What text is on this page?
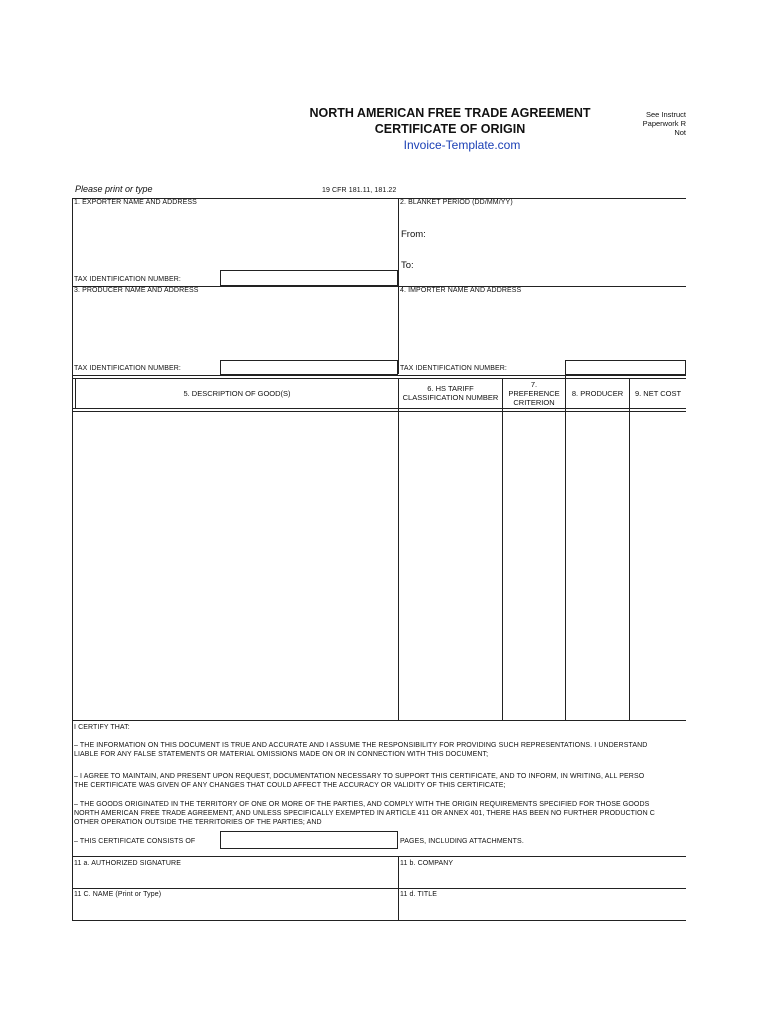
NORTH AMERICAN FREE TRADE AGREEMENT
CERTIFICATE OF ORIGIN
Invoice-Template.com
See Instruct
Paperwork R
Not
Please print or type	19 CFR 181.11, 181.22
1. EXPORTER NAME AND ADDRESS
TAX IDENTIFICATION NUMBER:
2. BLANKET PERIOD (DD/MM/YY)
From:
To:
3. PRODUCER NAME AND ADDRESS
TAX IDENTIFICATION NUMBER:
4. IMPORTER NAME AND ADDRESS
TAX IDENTIFICATION NUMBER:
5. DESCRIPTION OF GOOD(S)
6. HS TARIFF
CLASSIFICATION NUMBER
7.
PREFERENCE
CRITERION
8. PRODUCER	9. NET COST
I CERTIFY THAT:
– THE INFORMATION ON THIS DOCUMENT IS TRUE AND ACCURATE AND I ASSUME THE RESPONSIBILITY FOR PROVIDING SUCH REPRESENTATIONS. I UNDERSTAND
LIABLE FOR ANY FALSE STATEMENTS OR MATERIAL OMISSIONS MADE ON OR IN CONNECTION WITH THIS DOCUMENT;
– I AGREE TO MAINTAIN, AND PRESENT UPON REQUEST, DOCUMENTATION NECESSARY TO SUPPORT THIS CERTIFICATE, AND TO INFORM, IN WRITING, ALL PERSO
THE CERTIFICATE WAS GIVEN OF ANY CHANGES THAT COULD AFFECT THE ACCURACY OR VALIDITY OF THIS CERTIFICATE;
– THE GOODS ORIGINATED IN THE TERRITORY OF ONE OR MORE OF THE PARTIES, AND COMPLY WITH THE ORIGIN REQUIREMENTS SPECIFIED FOR THOSE GOODS
NORTH AMERICAN FREE TRADE AGREEMENT, AND UNLESS SPECIFICALLY EXEMPTED IN ARTICLE 411 OR ANNEX 401, THERE HAS BEEN NO FURTHER PRODUCTION C
OTHER OPERATION OUTSIDE THE TERRITORIES OF THE PARTIES; AND
– THIS CERTIFICATE CONSISTS OF	PAGES, INCLUDING ATTACHMENTS.
11 a. AUTHORIZED SIGNATURE	11 b. COMPANY
11 C. NAME (Print or Type)	11 d. TITLE
